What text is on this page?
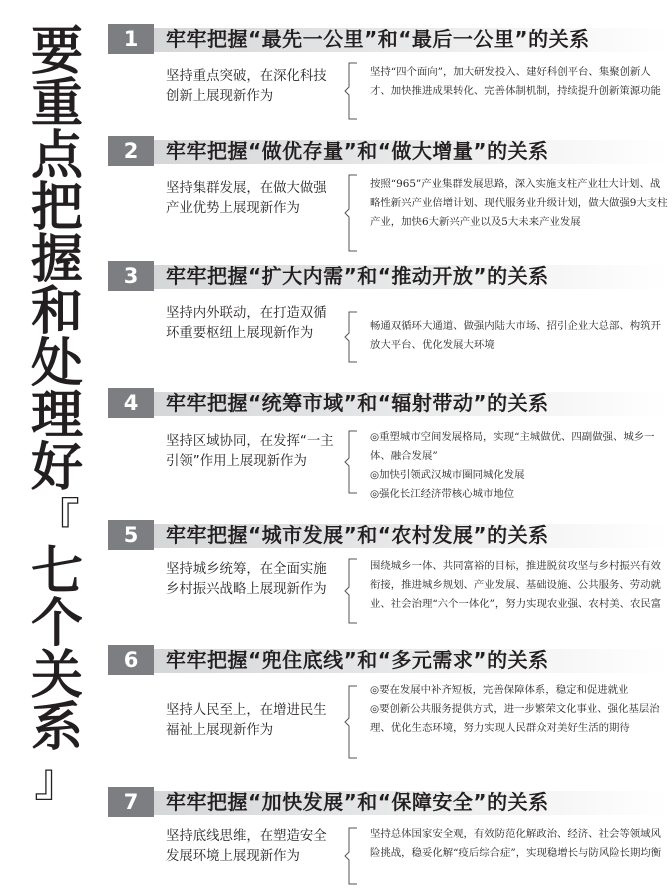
要
重
点
把
握
和
处
理
好
『
七
个
关
系
』
1	牢牢把握“最先一公里”和“最后一公里”的关系
坚持重点突破，在深化科技创新上展现新作为

坚持“四个面向”，加大研发投入、建好科创平台、集聚创新人才、加快推进成果转化、完善体制机制，持续提升创新策源功能

2	牢牢把握“做优存量”和“做大增量”的关系
坚持集群发展，在做大做强产业优势上展现新作为

按照“965”产业集群发展思路，深入实施支柱产业壮大计划、战略性新兴产业倍增计划、现代服务业升级计划，做大做强9大支柱产业，加快6大新兴产业以及5大未来产业发展

3	牢牢把握“扩大内需”和“推动开放”的关系
坚持内外联动，在打造双循环重要枢纽上展现新作为	畅通双循环大通道、做强内陆大市场、招引企业大总部、构筑开放大平台、优化发展大环境

4	牢牢把握“统筹市域”和“辐射带动”的关系
坚持区域协同，在发挥“一主引领”作用上展现新作为

◎重塑城市空间发展格局，实现“主城做优、四副做强、城乡一体、融合发展”

◎加快引领武汉城市圈同城化发展

◎强化长江经济带核心城市地位

5	牢牢把握“城市发展”和“农村发展”的关系
坚持城乡统筹，在全面实施乡村振兴战略上展现新作为

围绕城乡一体、共同富裕的目标，推进脱贫攻坚与乡村振兴有效衔接，推进城乡规划、产业发展、基础设施、公共服务、劳动就业、社会治理“六个一体化”，努力实现农业强、农村美、农民富

6	牢牢把握“兜住底线”和“多元需求”的关系
坚持人民至上，在增进民生福祉上展现新作为

◎要在发展中补齐短板，完善保障体系，稳定和促进就业

◎要创新公共服务提供方式，进一步繁荣文化事业、强化基层治理、优化生态环境，努力实现人民群众对美好生活的期待

7	牢牢把握“加快发展”和“保障安全”的关系
坚持底线思维，在塑造安全发展环境上展现新作为

坚持总体国家安全观，有效防范化解政治、经济、社会等领域风险挑战，稳妥化解“疫后综合症”，实现稳增长与防风险长期均衡
